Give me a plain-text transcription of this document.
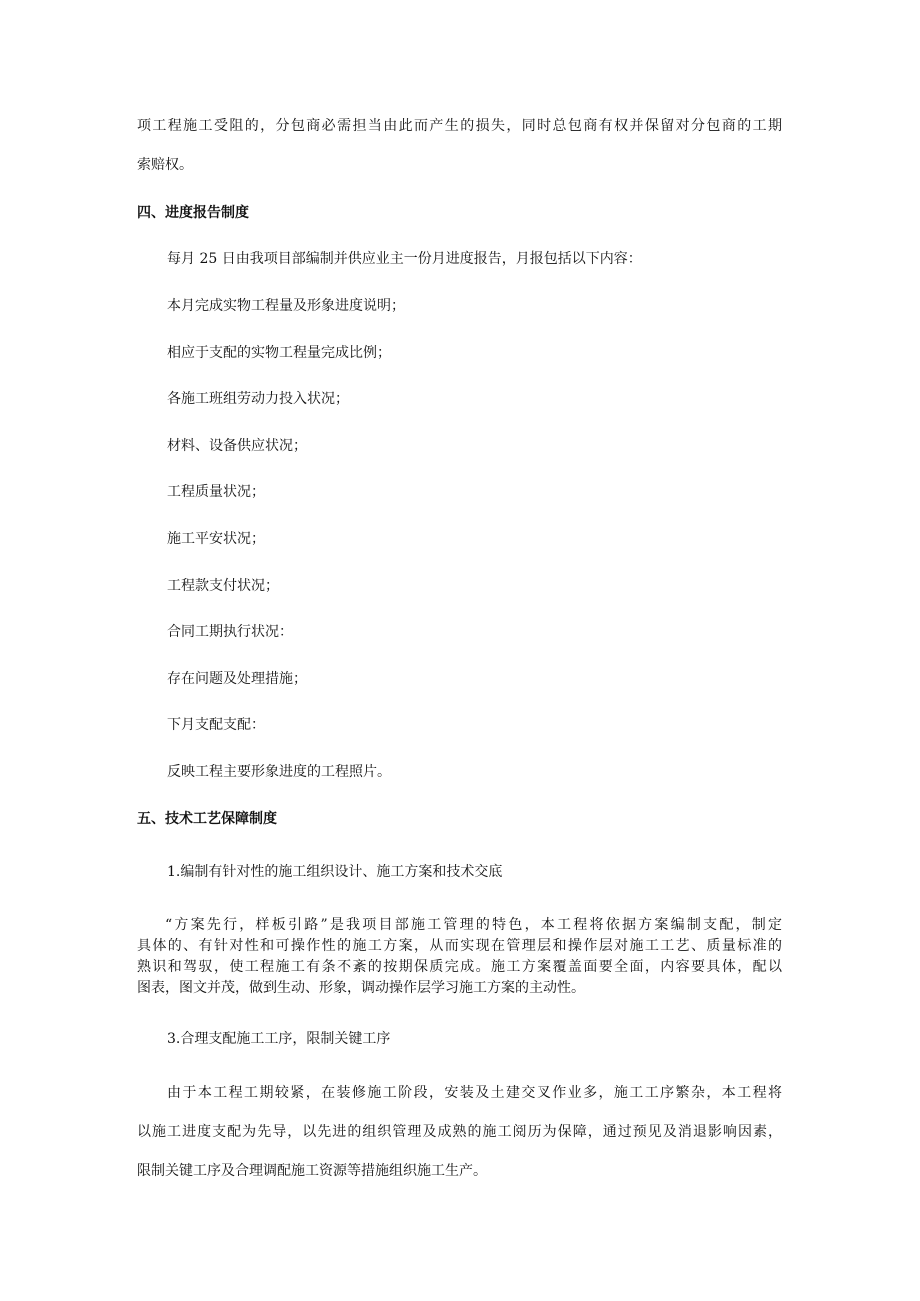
项工程施工受阻的，分包商必需担当由此而产生的损失，同时总包商有权并保留对分包商的工期

索赔权。

四、进度报告制度

每月 25 日由我项目部编制并供应业主一份月进度报告，月报包括以下内容：

本月完成实物工程量及形象进度说明；

相应于支配的实物工程量完成比例；

各施工班组劳动力投入状况；

材料、设备供应状况；

工程质量状况；

施工平安状况；

工程款支付状况；

合同工期执行状况：

存在问题及处理措施；

下月支配支配：

反映工程主要形象进度的工程照片。

五、技术工艺保障制度

1.编制有针对性的施工组织设计、施工方案和技术交底

“方案先行，样板引路”是我项目部施工管理的特色，本工程将依据方案编制支配，制定

具体的、有针对性和可操作性的施工方案，从而实现在管理层和操作层对施工工艺、质量标准的

熟识和驾驭，使工程施工有条不紊的按期保质完成。施工方案覆盖面要全面，内容要具体，配以

图表，图文并茂，做到生动、形象，调动操作层学习施工方案的主动性。

3.合理支配施工工序，限制关键工序

由于本工程工期较紧，在装修施工阶段，安装及土建交叉作业多，施工工序繁杂，本工程将

以施工进度支配为先导，以先进的组织管理及成熟的施工阅历为保障，通过预见及消退影响因素，

限制关键工序及合理调配施工资源等措施组织施工生产。
